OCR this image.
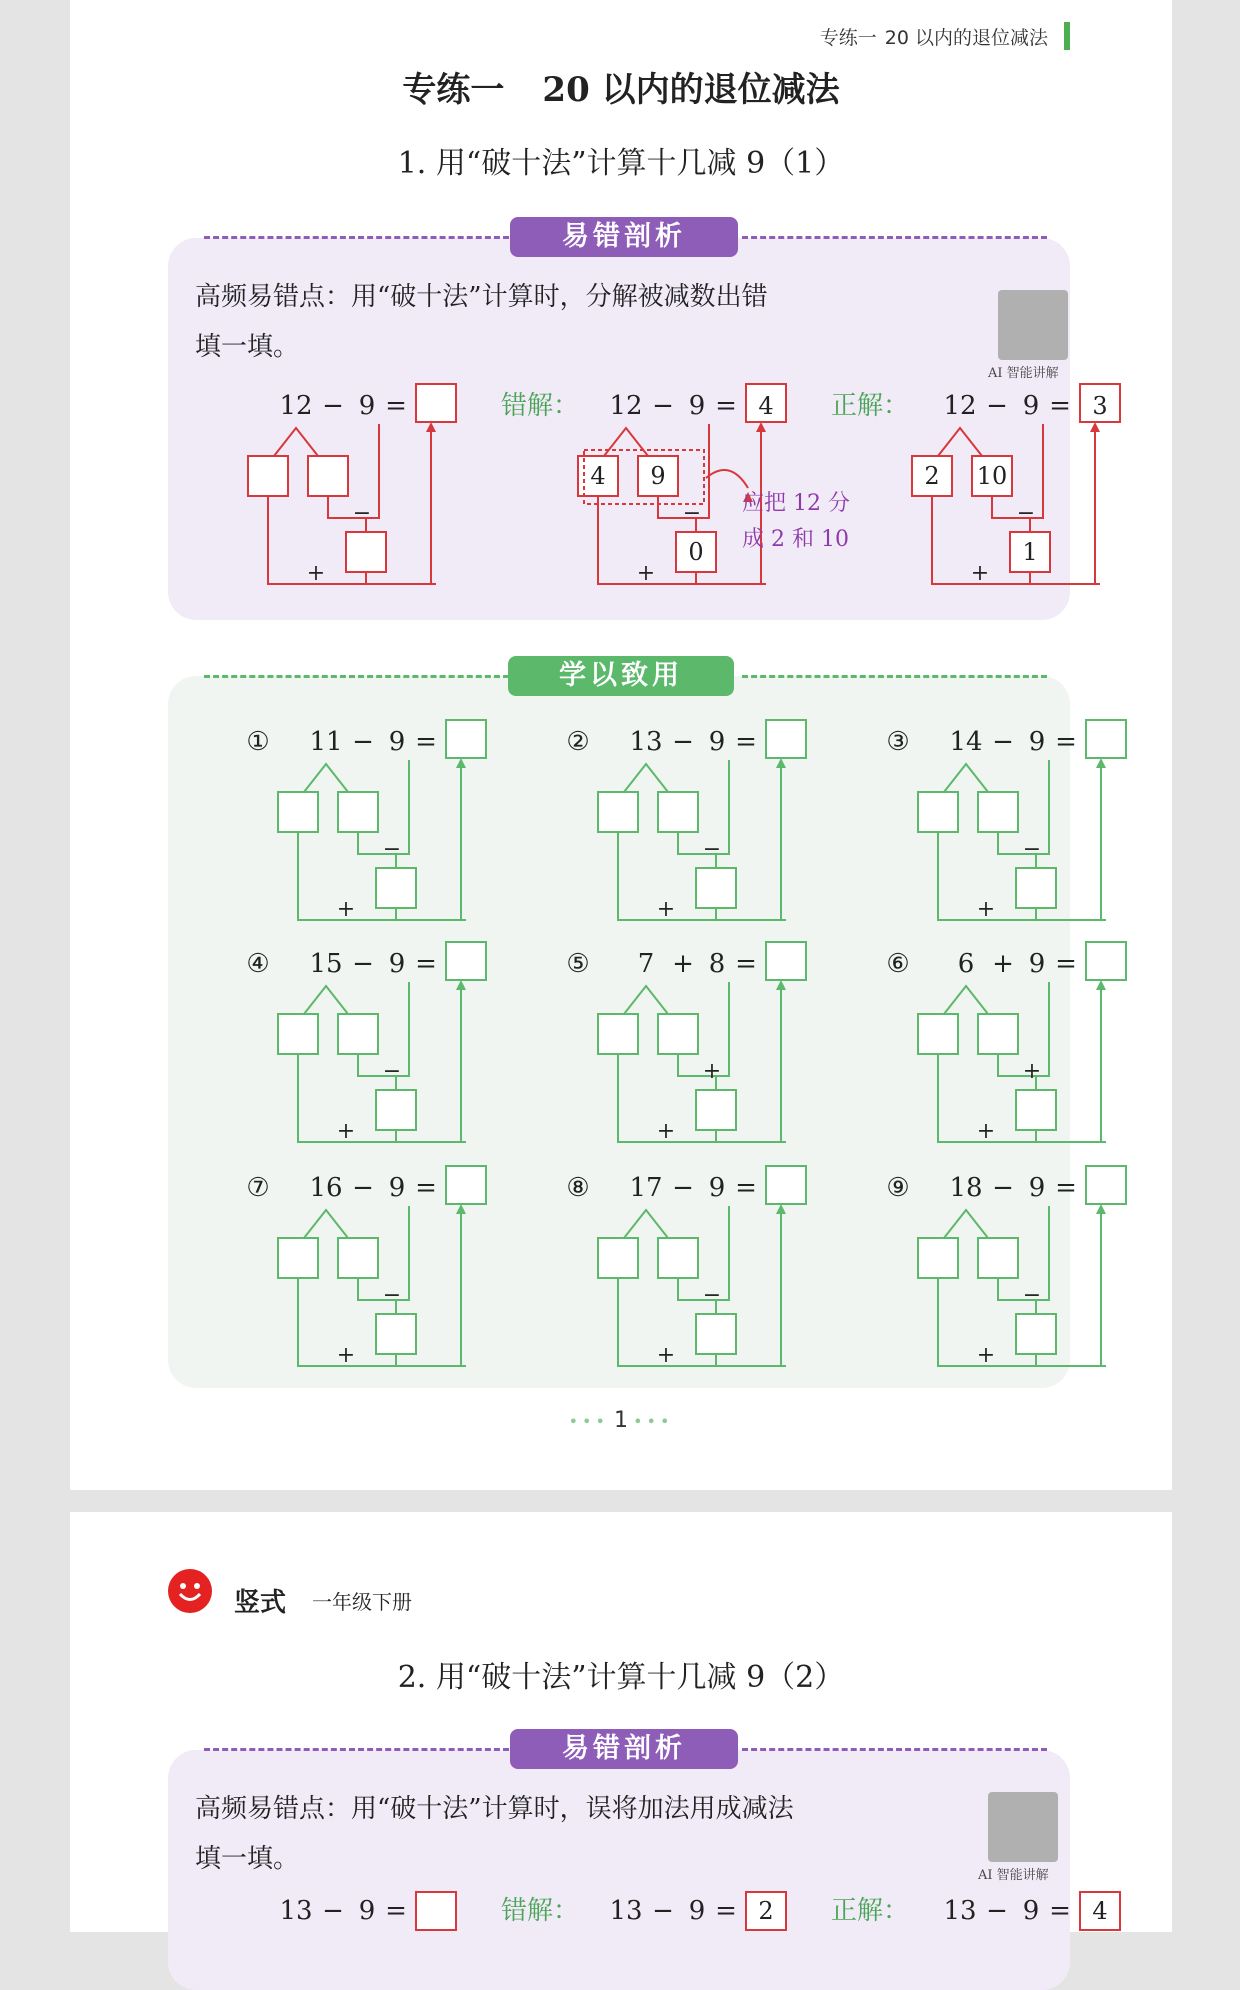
专练一 20 以内的退位减法
专练一 20 以内的退位减法
1. 用“破十法”计算十几减 9（1）
易错剖析
高频易错点：用“破十法”计算时，分解被减数出错
填一填。
AI 智能讲解
12 − 9 =
−
+
错解： 12 − 9 = 4
4 9
−
0
+
应把 12 分
成 2 和 10
正解： 12 − 9 = 3
2 10
−
1
+
学以致用
① 11 − 9 =
−
+
② 13 − 9 =
−
+
③ 14 − 9 =
−
+
④ 15 − 9 =
−
+
⑤ 7 + 8 =
+
+
⑥ 6 + 9 =
+
+
⑦ 16 − 9 =
−
+
⑧ 17 − 9 =
−
+
⑨ 18 − 9 =
−
+
••• 1 •••
竖式 一年级下册
2. 用“破十法”计算十几减 9（2）
易错剖析
高频易错点：用“破十法”计算时，误将加法用成减法
填一填。
AI 智能讲解
13 − 9 =	错解： 13 − 9 = 2 正解： 13 − 9 = 4
